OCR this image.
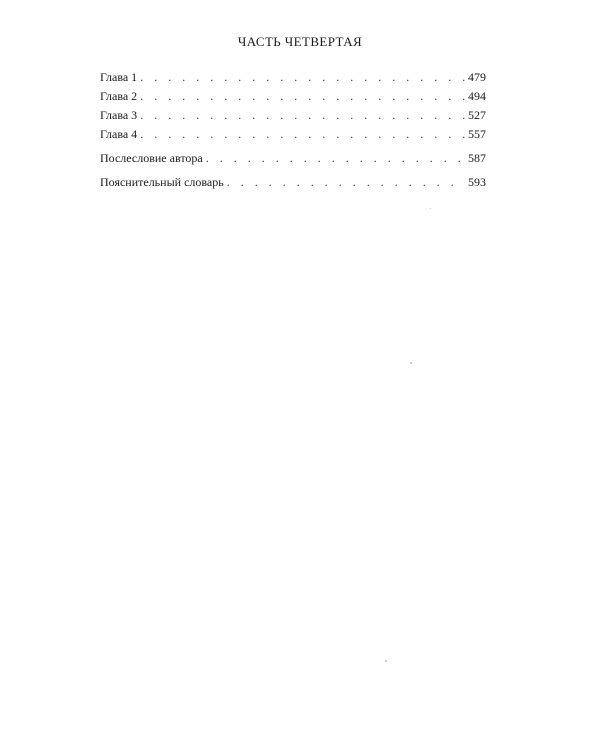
ЧАСТЬ ЧЕТВЕРТАЯ
Глава 1 . . .	479
Глава 2 . . .	494
Глава 3 . . .	527
Глава 4 . . .	557
Послесловие автора . . .	587
Пояснительный словарь . . .	593
